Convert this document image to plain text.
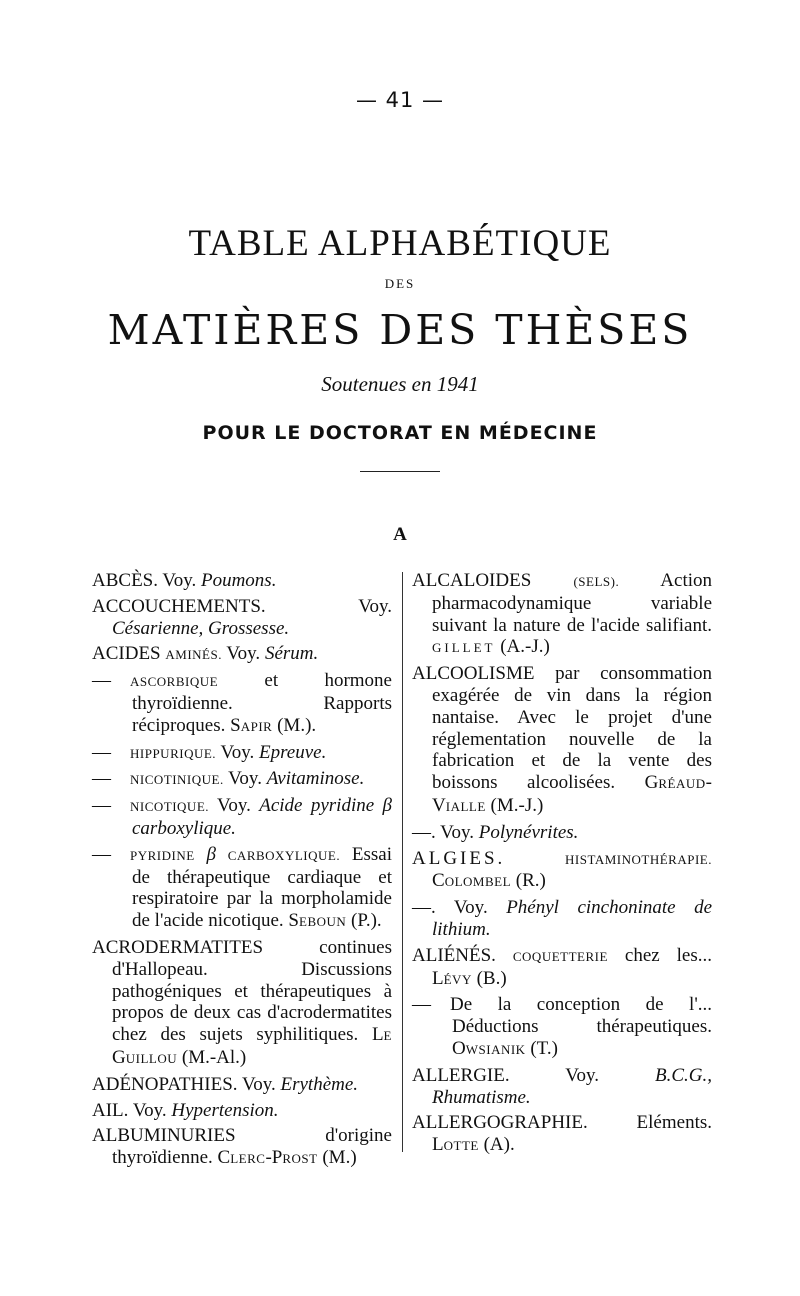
— 41 —
TABLE ALPHABÉTIQUE
DES
MATIÈRES DES THÈSES
Soutenues en 1941
POUR LE DOCTORAT EN MÉDECINE
A

ABCÈS. Voy. Poumons.

ACCOUCHEMENTS.	Voy. Césarienne, Grossesse.

ACIDES AMINÉS. Voy. Sérum.

— ASCORBIQUE et hormone thyroïdienne. Rapports réciproques. SAPIR (M.).

— HIPPURIQUE. Voy. Epreuve.

— NICOTINIQUE. Voy. Avitaminose.

— NICOTIQUE. Voy. Acide pyridine β carboxylique.

— PYRIDINE β CARBOXYLIQUE. Essai de thérapeutique cardiaque et respiratoire par la morpholamide de l'acide nicotique. SEBOUN (P.).

ACRODERMATITES	continues d'Hallopeau. Discussions pathogéniques et thérapeutiques à propos de deux cas d'acrodermatites chez des sujets syphilitiques. LE GUILLOU (M.-Al.)

ADÉNOPATHIES. Voy. Erythème.

AIL. Voy. Hypertension.

ALBUMINURIES	d'origine thyroïdienne. CLERC-PROST (M.)

ALCALOIDES	(SELS). Action pharmacodynamique variable suivant la nature de l'acide salifiant. GILLET (A.-J.)

ALCOOLISME par consommation exagérée de vin dans la région nantaise. Avec le projet d'une réglementation nouvelle de la fabrication et de la vente des boissons alcoolisées. GRÉAUD-VIALLE (M.-J.)

—. Voy. Polynévrites.

ALGIES.	HISTAMINOTHÉRAPIE. COLOMBEL (R.)

—. Voy. Phényl cinchoninate de lithium.

ALIÉNÉS. COQUETTERIE chez les... LÉVY (B.)

— De la conception de l'... Déductions thérapeutiques. OWSIANIK (T.)

ALLERGIE.	Voy.	B.C.G., Rhumatisme.

ALLERGOGRAPHIE.	Eléments. LOTTE (A).
